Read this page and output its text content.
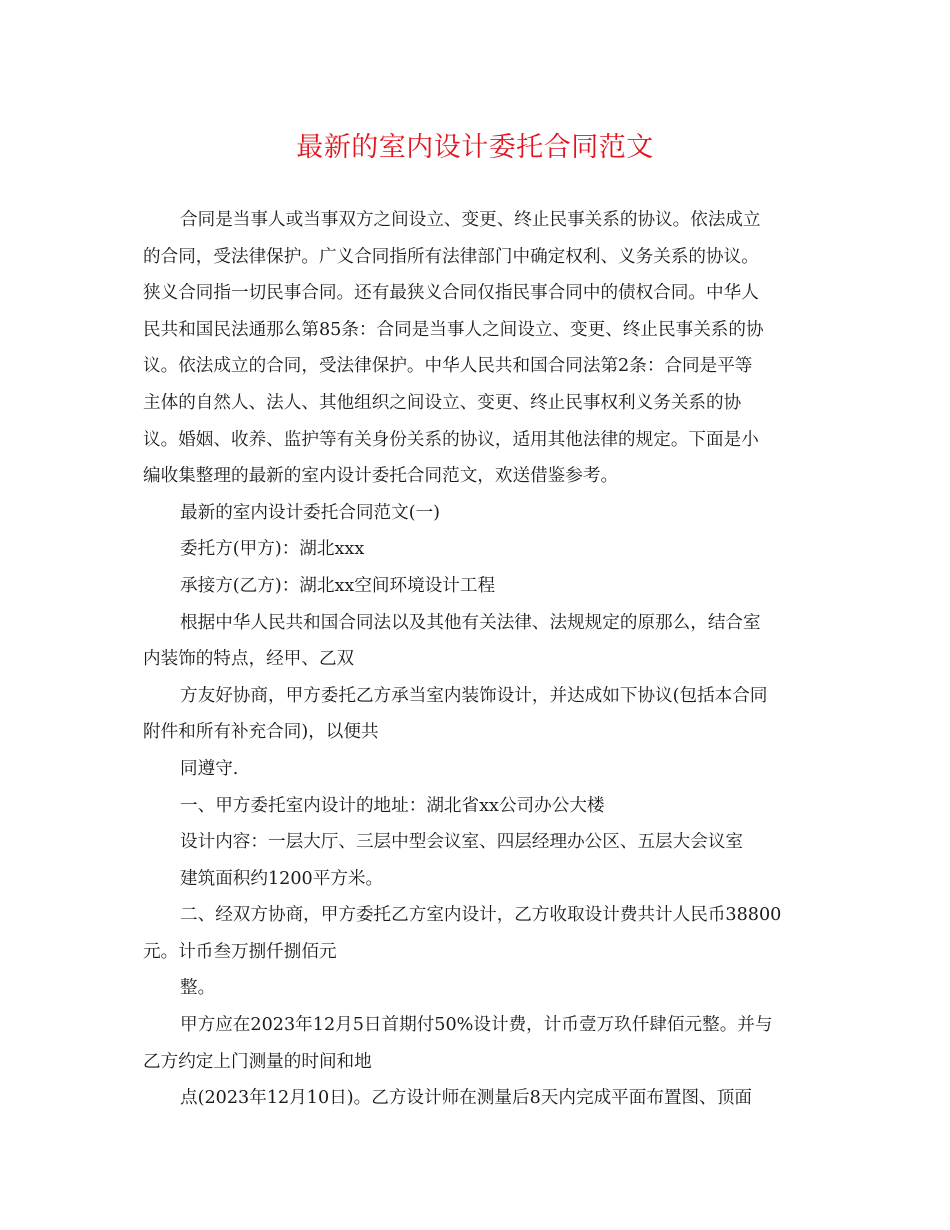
最新的室内设计委托合同范文

合同是当事人或当事双方之间设立、变更、终止民事关系的协议。依法成立

的合同，受法律保护。广义合同指所有法律部门中确定权利、义务关系的协议。

狭义合同指一切民事合同。还有最狭义合同仅指民事合同中的债权合同。中华人

民共和国民法通那么第85条：合同是当事人之间设立、变更、终止民事关系的协

议。依法成立的合同，受法律保护。中华人民共和国合同法第2条：合同是平等

主体的自然人、法人、其他组织之间设立、变更、终止民事权利义务关系的协

议。婚姻、收养、监护等有关身份关系的协议，适用其他法律的规定。下面是小

编收集整理的最新的室内设计委托合同范文，欢送借鉴参考。

最新的室内设计委托合同范文(一)

委托方(甲方)：湖北xxx

承接方(乙方)：湖北xx空间环境设计工程

根据中华人民共和国合同法以及其他有关法律、法规规定的原那么，结合室

内装饰的特点，经甲、乙双

方友好协商，甲方委托乙方承当室内装饰设计，并达成如下协议(包括本合同

附件和所有补充合同)，以便共

同遵守.

一、甲方委托室内设计的地址：湖北省xx公司办公大楼

设计内容：一层大厅、三层中型会议室、四层经理办公区、五层大会议室

建筑面积约1200平方米。

二、经双方协商，甲方委托乙方室内设计，乙方收取设计费共计人民币38800

元。计币叁万捌仟捌佰元

整。

甲方应在2023年12月5日首期付50%设计费，计币壹万玖仟肆佰元整。并与

乙方约定上门测量的时间和地

点(2023年12月10日)。乙方设计师在测量后8天内完成平面布置图、顶面
